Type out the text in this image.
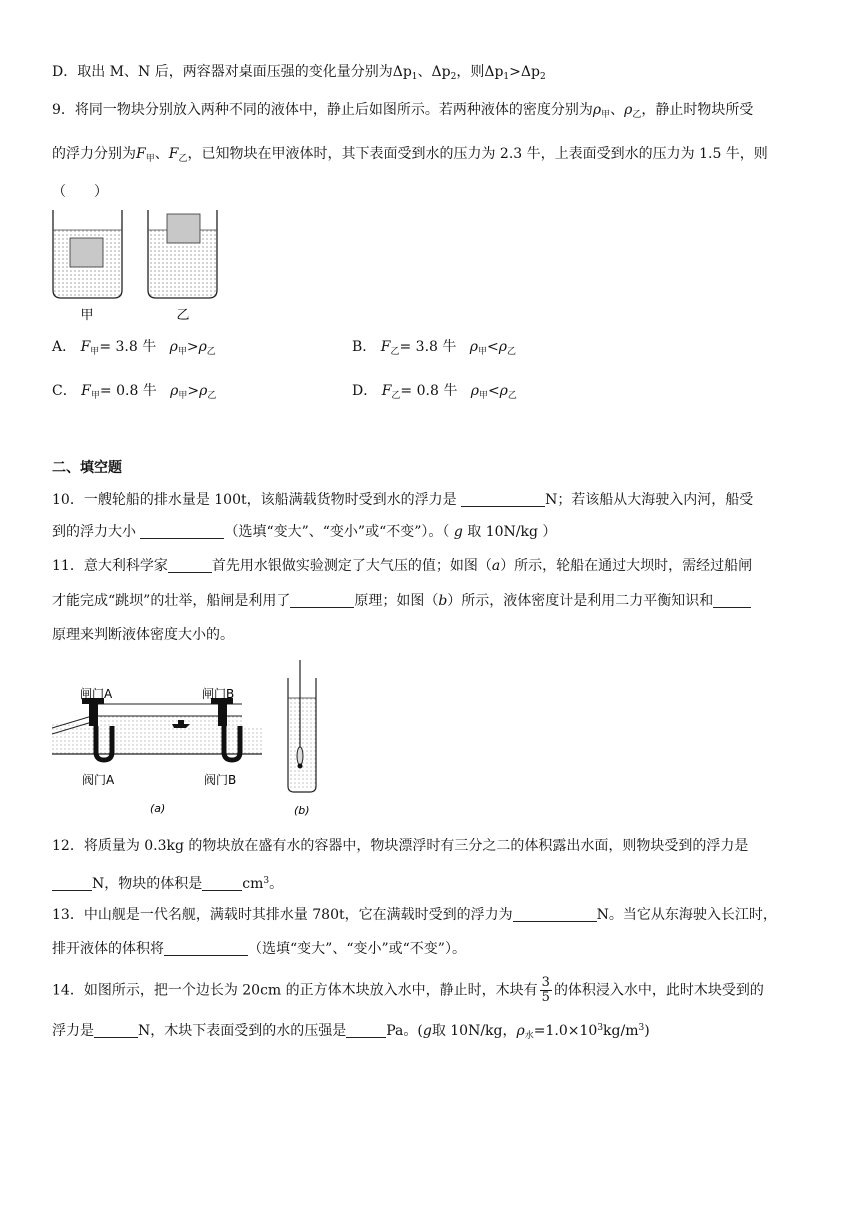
D．取出 M、N 后，两容器对桌面压强的变化量分别为$\Delta p_1$、$\Delta p_2$，则$\Delta p_1>\Delta p_2$
9．将同一物块分别放入两种不同的液体中，静止后如图所示。若两种液体的密度分别为$\rho_甲$、$\rho_乙$，静止时物块所受
的浮力分别为$F_甲$、$F_乙$，已知物块在甲液体时，其下表面受到水的压力为 2.3 牛，上表面受到水的压力为 1.5 牛，则
（　　）
甲	乙
A． $F_甲= 3.8$ 牛 $\rho_甲>\rho_乙$	B． $F_乙= 3.8$ 牛 $\rho_甲<\rho_乙$
C． $F_甲= 0.8$ 牛 $\rho_甲>\rho_乙$	D． $F_乙= 0.8$ 牛 $\rho_甲<\rho_乙$
二、填空题
10．一艘轮船的排水量是 100t，该船满载货物时受到水的浮力是	N；若该船从大海驶入内河，船受
到的浮力大小	（选填“变大”、“变小”或“不变”）。（ g 取 10N/kg ）
11．意大利科学家	首先用水银做实验测定了大气压的值；如图（a）所示，轮船在通过大坝时，需经过船闸
才能完成“跳坝”的壮举，船闸是利用了	原理；如图（b）所示，液体密度计是利用二力平衡知识和
原理来判断液体密度大小的。
闸门A	闸门B
阀门A	阀门B
(a)	(b)
12．将质量为 0.3kg 的物块放在盛有水的容器中，物块漂浮时有三分之二的体积露出水面，则物块受到的浮力是
N，物块的体积是	$cm^3$。
13．中山舰是一代名舰，满载时其排水量 780t，它在满载时受到的浮力为	N。当它从东海驶入长江时，
排开液体的体积将	（选填“变大”、“变小”或“不变”）。
14．如图所示，把一个边长为 20cm 的正方体木块放入水中，静止时，木块有 $\frac{3}{5}$ 的体积浸入水中，此时木块受到的
浮力是	N，木块下表面受到的水的压强是	Pa。(g取 10N/kg，$\rho_水=1.0\times 10^3kg/m^3$)
